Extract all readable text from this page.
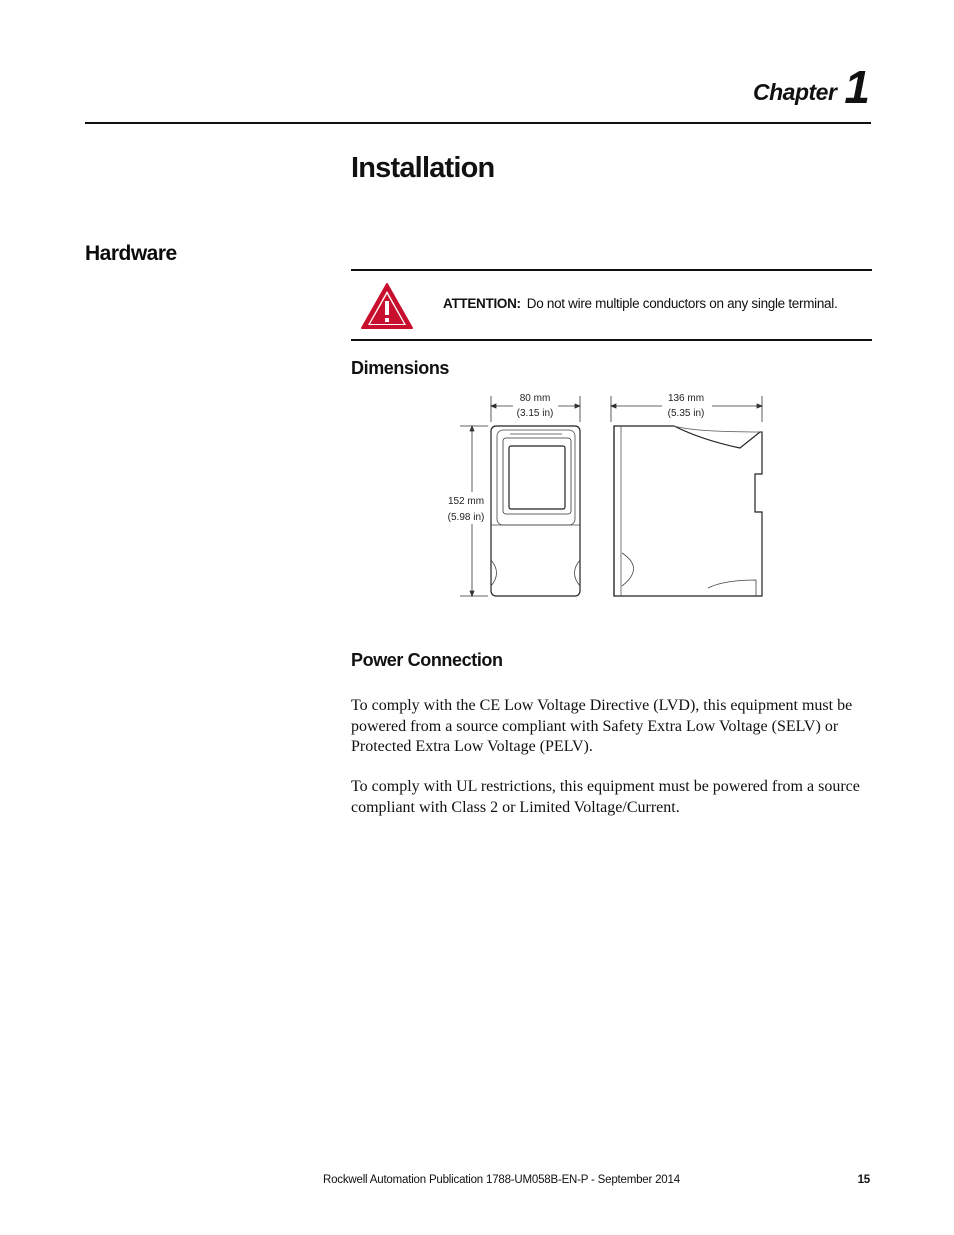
Chapter 1
Installation
Hardware
ATTENTION: Do not wire multiple conductors on any single terminal.
Dimensions
80 mm
(3.15 in)
136 mm
(5.35 in)
152 mm
(5.98 in)
Power Connection

To comply with the CE Low Voltage Directive (LVD), this equipment must be powered from a source compliant with Safety Extra Low Voltage (SELV) or Protected Extra Low Voltage (PELV).

To comply with UL restrictions, this equipment must be powered from a source compliant with Class 2 or Limited Voltage/Current.

Rockwell Automation Publication 1788-UM058B-EN-P - September 2014	15
